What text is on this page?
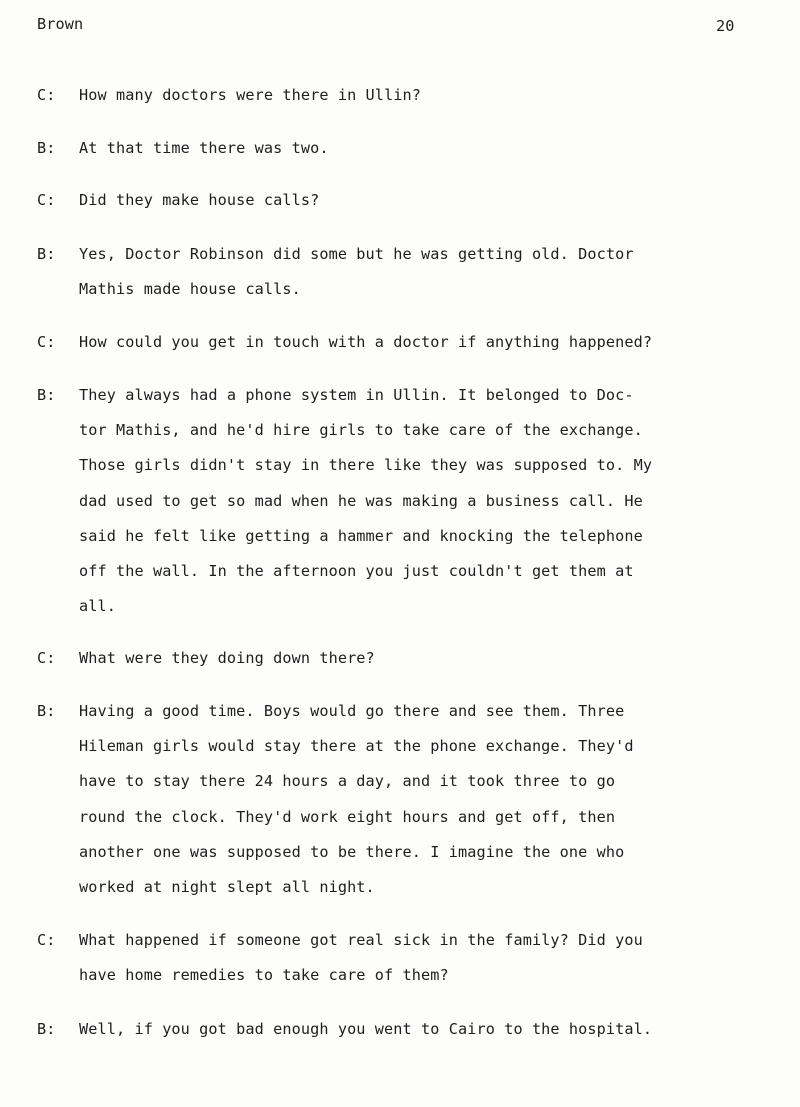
Brown	20
C: How many doctors were there in Ullin?
B: At that time there was two.
C: Did they make house calls?
B: Yes, Doctor Robinson did some but he was getting old. Doctor
Mathis made house calls.
C: How could you get in touch with a doctor if anything happened?
B: They always had a phone system in Ullin. It belonged to Doc-
tor Mathis, and he'd hire girls to take care of the exchange.
Those girls didn't stay in there like they was supposed to. My
dad used to get so mad when he was making a business call. He
said he felt like getting a hammer and knocking the telephone
off the wall. In the afternoon you just couldn't get them at
all.
C: What were they doing down there?
B: Having a good time. Boys would go there and see them. Three
Hileman girls would stay there at the phone exchange. They'd
have to stay there 24 hours a day, and it took three to go
round the clock. They'd work eight hours and get off, then
another one was supposed to be there. I imagine the one who
worked at night slept all night.
C: What happened if someone got real sick in the family? Did you
have home remedies to take care of them?
B: Well, if you got bad enough you went to Cairo to the hospital.
